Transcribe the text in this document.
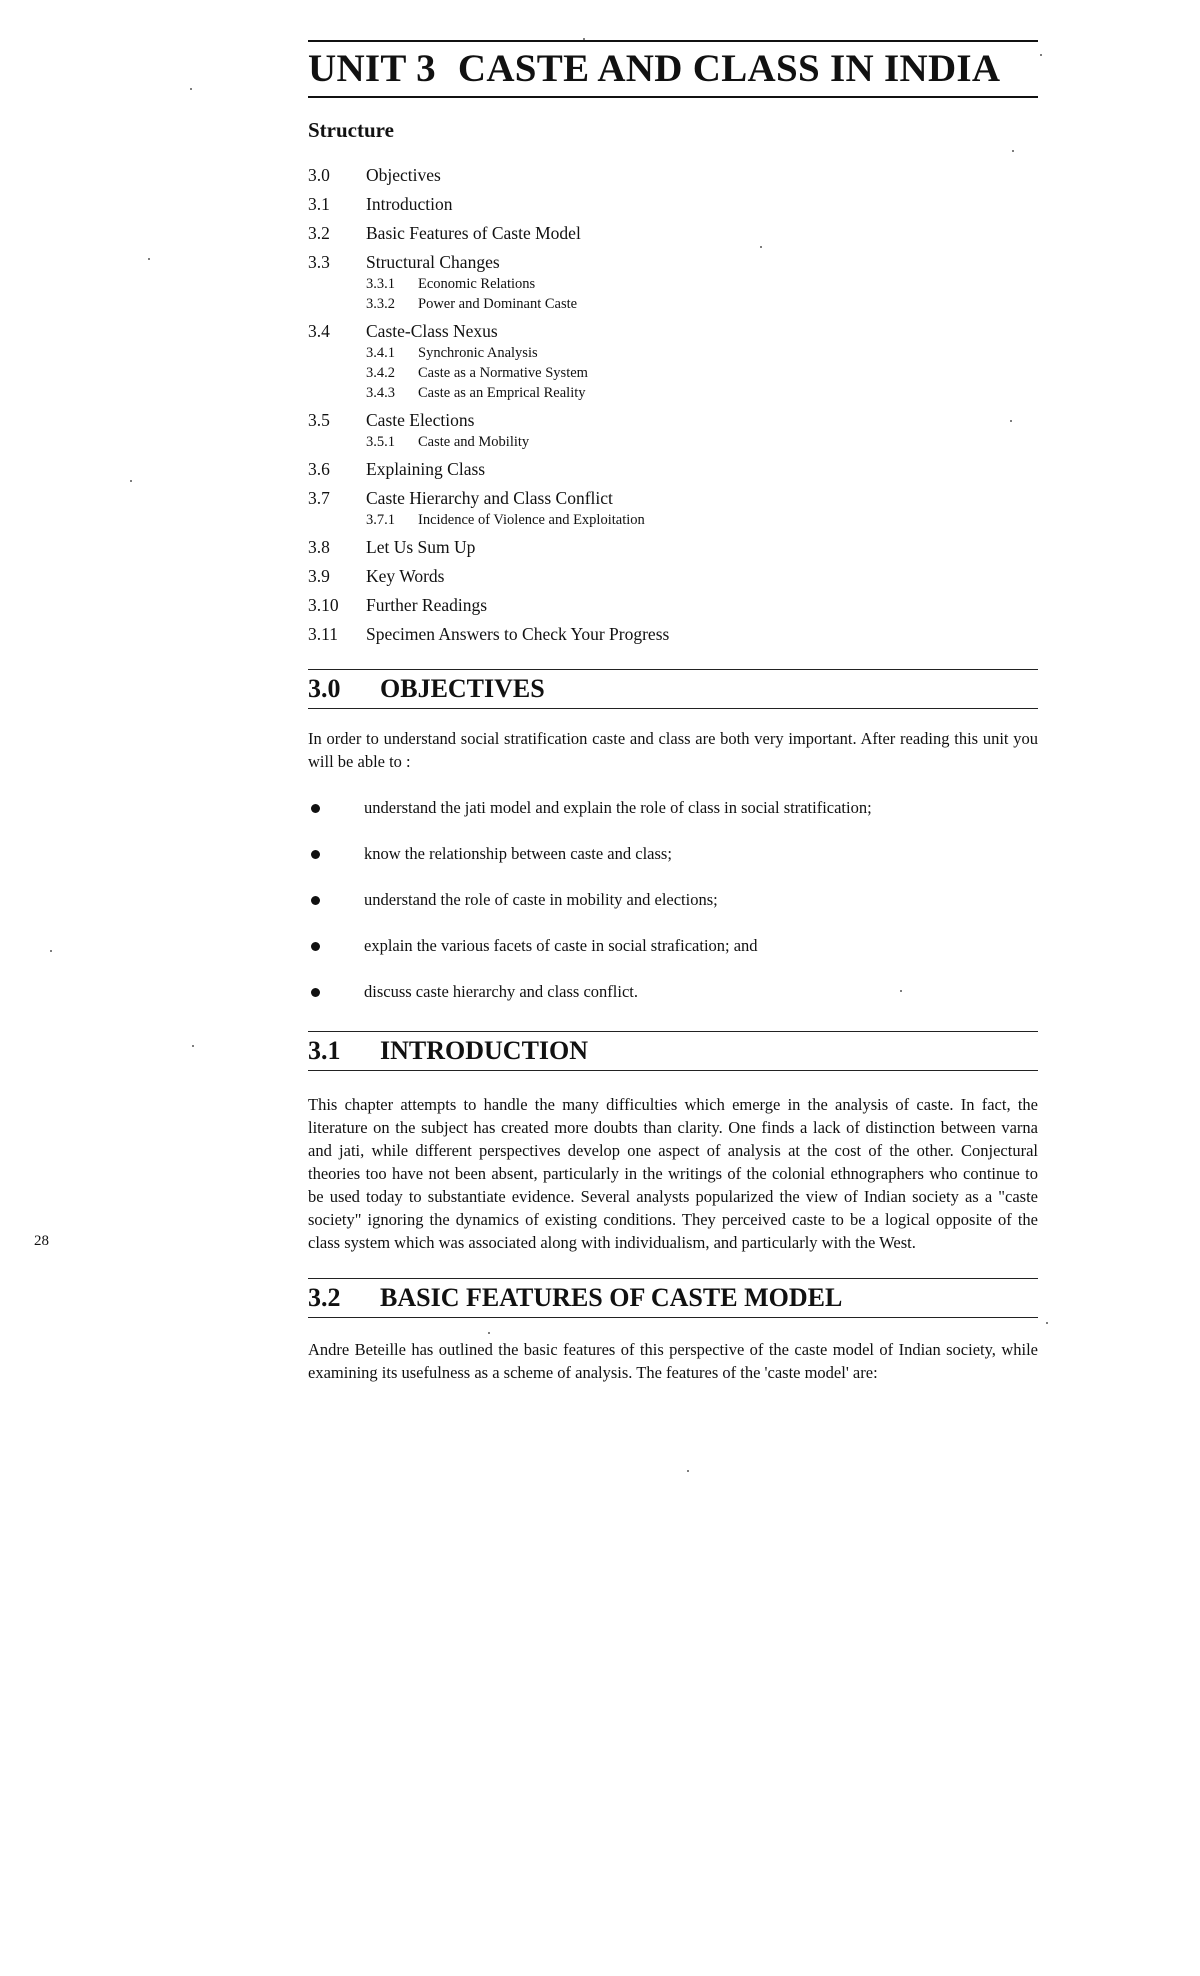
UNIT 3 CASTE AND CLASS IN INDIA
Structure
3.0	Objectives
3.1	Introduction
3.2	Basic Features of Caste Model
3.3	Structural Changes
3.3.1	Economic Relations
3.3.2	Power and Dominant Caste
3.4	Caste-Class Nexus
3.4.1	Synchronic Analysis
3.4.2	Caste as a Normative System
3.4.3	Caste as an Emprical Reality
3.5	Caste Elections
3.5.1	Caste and Mobility
3.6	Explaining Class
3.7	Caste Hierarchy and Class Conflict
3.7.1	Incidence of Violence and Exploitation
3.8	Let Us Sum Up
3.9	Key Words
3.10	Further Readings
3.11	Specimen Answers to Check Your Progress
3.0 OBJECTIVES

In order to understand social stratification caste and class are both very important. After reading this unit you will be able to :

understand the jati model and explain the role of class in social stratification;
know the relationship between caste and class;
understand the role of caste in mobility and elections;
explain the various facets of caste in social strafication; and
discuss caste hierarchy and class conflict.
3.1 INTRODUCTION

This chapter attempts to handle the many difficulties which emerge in the analysis of caste. In fact, the literature on the subject has created more doubts than clarity. One finds a lack of distinction between varna and jati, while different perspectives develop one aspect of analysis at the cost of the other. Conjectural theories too have not been absent, particularly in the writings of the colonial ethnographers who continue to be used today to substantiate evidence. Several analysts popularized the view of Indian society as a "caste society" ignoring the dynamics of existing conditions. They perceived caste to be a logical opposite of the class system which was associated along with individualism, and particularly with the West.

3.2 BASIC FEATURES OF CASTE MODEL

Andre Beteille has outlined the basic features of this perspective of the caste model of Indian society, while examining its usefulness as a scheme of analysis. The features of the 'caste model' are:

28
